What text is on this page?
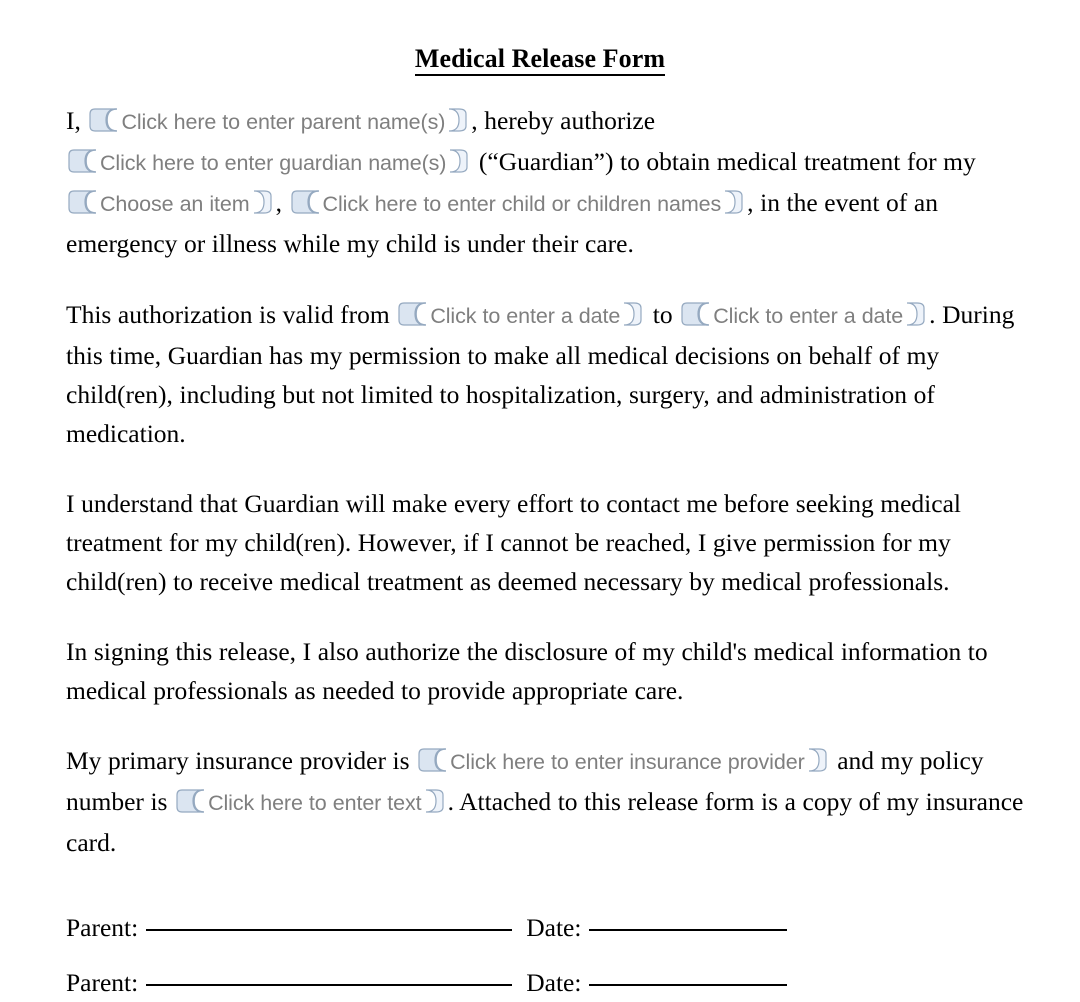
Medical Release Form

I, Click here to enter parent name(s) , hereby authorize Click here to enter guardian name(s) (“Guardian”) to obtain medical treatment for my Choose an item , Click here to enter child or children names , in the event of an emergency or illness while my child is under their care.

This authorization is valid from Click to enter a date to Click to enter a date . During this time, Guardian has my permission to make all medical decisions on behalf of my child(ren), including but not limited to hospitalization, surgery, and administration of medication.

I understand that Guardian will make every effort to contact me before seeking medical treatment for my child(ren). However, if I cannot be reached, I give permission for my child(ren) to receive medical treatment as deemed necessary by medical professionals.

In signing this release, I also authorize the disclosure of my child's medical information to medical professionals as needed to provide appropriate care.

My primary insurance provider is Click here to enter insurance provider and my policy number is Click here to enter text . Attached to this release form is a copy of my insurance card.

Parent:	Date:
Parent:	Date:
